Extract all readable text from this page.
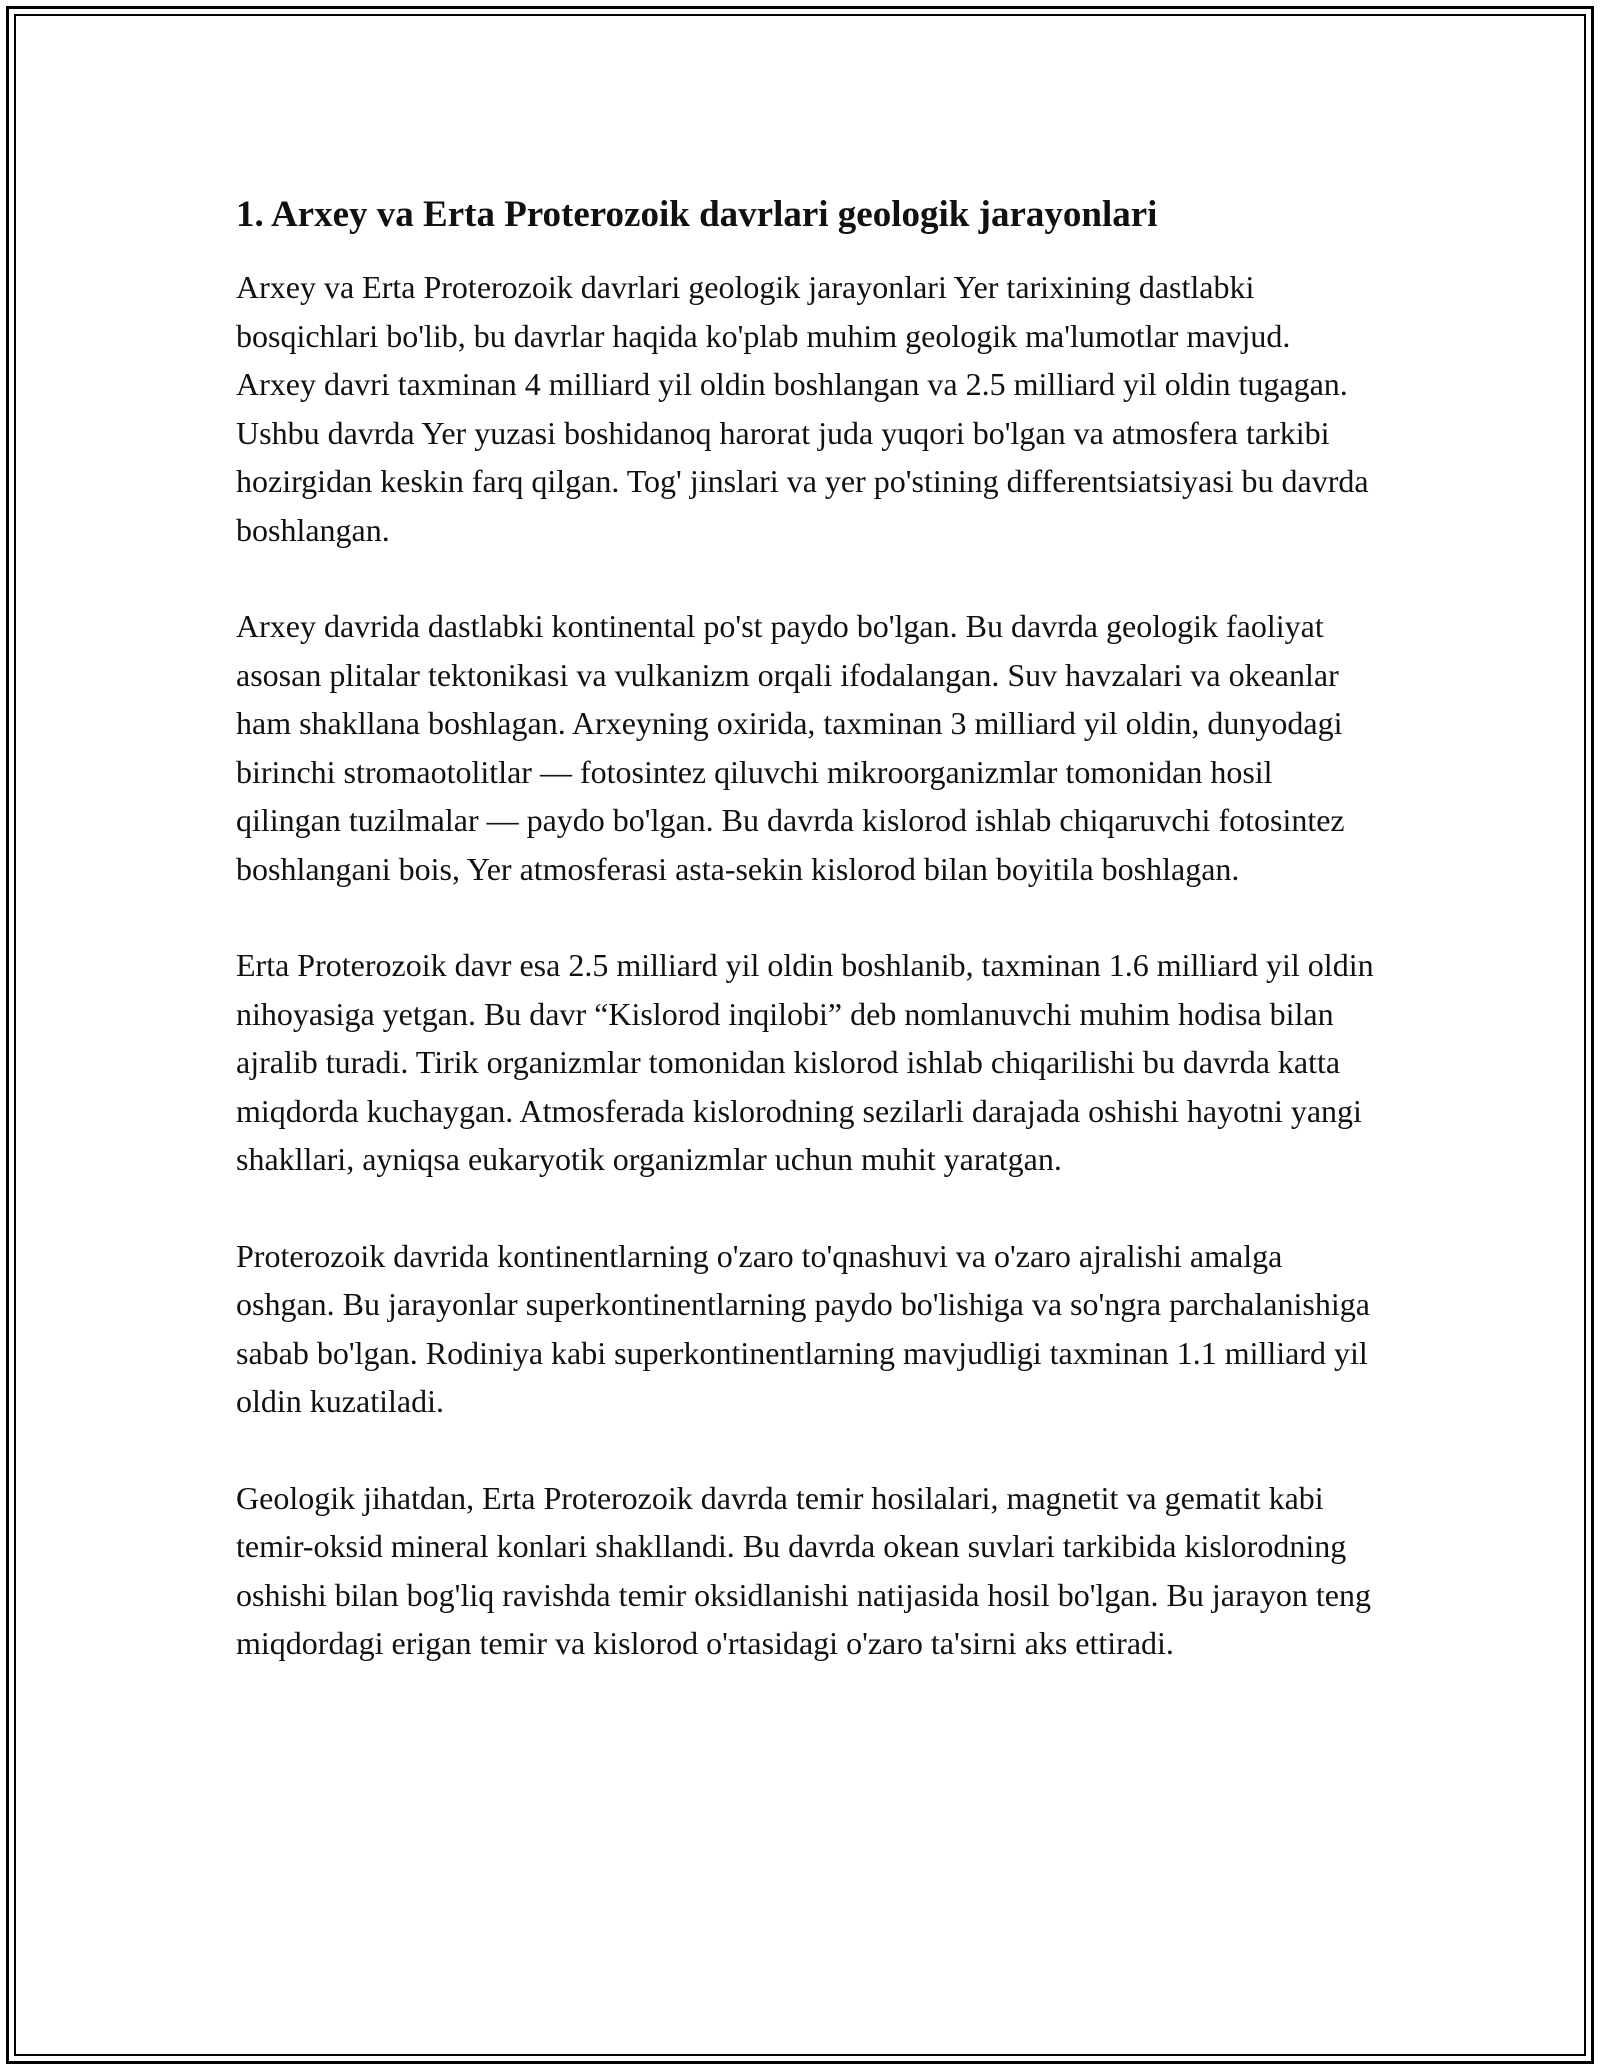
1. Arxey va Erta Proterozoik davrlari geologik jarayonlari

Arxey va Erta Proterozoik davrlari geologik jarayonlari Yer tarixining dastlabki bosqichlari bo'lib, bu davrlar haqida ko'plab muhim geologik ma'lumotlar mavjud. Arxey davri taxminan 4 milliard yil oldin boshlangan va 2.5 milliard yil oldin tugagan. Ushbu davrda Yer yuzasi boshidanoq harorat juda yuqori bo'lgan va atmosfera tarkibi hozirgidan keskin farq qilgan. Tog' jinslari va yer po'stining differentsiatsiyasi bu davrda boshlangan.

Arxey davrida dastlabki kontinental po'st paydo bo'lgan. Bu davrda geologik faoliyat asosan plitalar tektonikasi va vulkanizm orqali ifodalangan. Suv havzalari va okeanlar ham shakllana boshlagan. Arxeyning oxirida, taxminan 3 milliard yil oldin, dunyodagi birinchi stromaotolitlar — fotosintez qiluvchi mikroorganizmlar tomonidan hosil qilingan tuzilmalar — paydo bo'lgan. Bu davrda kislorod ishlab chiqaruvchi fotosintez boshlangani bois, Yer atmosferasi asta-sekin kislorod bilan boyitila boshlagan.

Erta Proterozoik davr esa 2.5 milliard yil oldin boshlanib, taxminan 1.6 milliard yil oldin nihoyasiga yetgan. Bu davr “Kislorod inqilobi” deb nomlanuvchi muhim hodisa bilan ajralib turadi. Tirik organizmlar tomonidan kislorod ishlab chiqarilishi bu davrda katta miqdorda kuchaygan. Atmosferada kislorodning sezilarli darajada oshishi hayotni yangi shakllari, ayniqsa eukaryotik organizmlar uchun muhit yaratgan.

Proterozoik davrida kontinentlarning o'zaro to'qnashuvi va o'zaro ajralishi amalga oshgan. Bu jarayonlar superkontinentlarning paydo bo'lishiga va so'ngra parchalanishiga sabab bo'lgan. Rodiniya kabi superkontinentlarning mavjudligi taxminan 1.1 milliard yil oldin kuzatiladi.

Geologik jihatdan, Erta Proterozoik davrda temir hosilalari, magnetit va gematit kabi temir-oksid mineral konlari shakllandi. Bu davrda okean suvlari tarkibida kislorodning oshishi bilan bog'liq ravishda temir oksidlanishi natijasida hosil bo'lgan. Bu jarayon teng miqdordagi erigan temir va kislorod o'rtasidagi o'zaro ta'sirni aks ettiradi.
